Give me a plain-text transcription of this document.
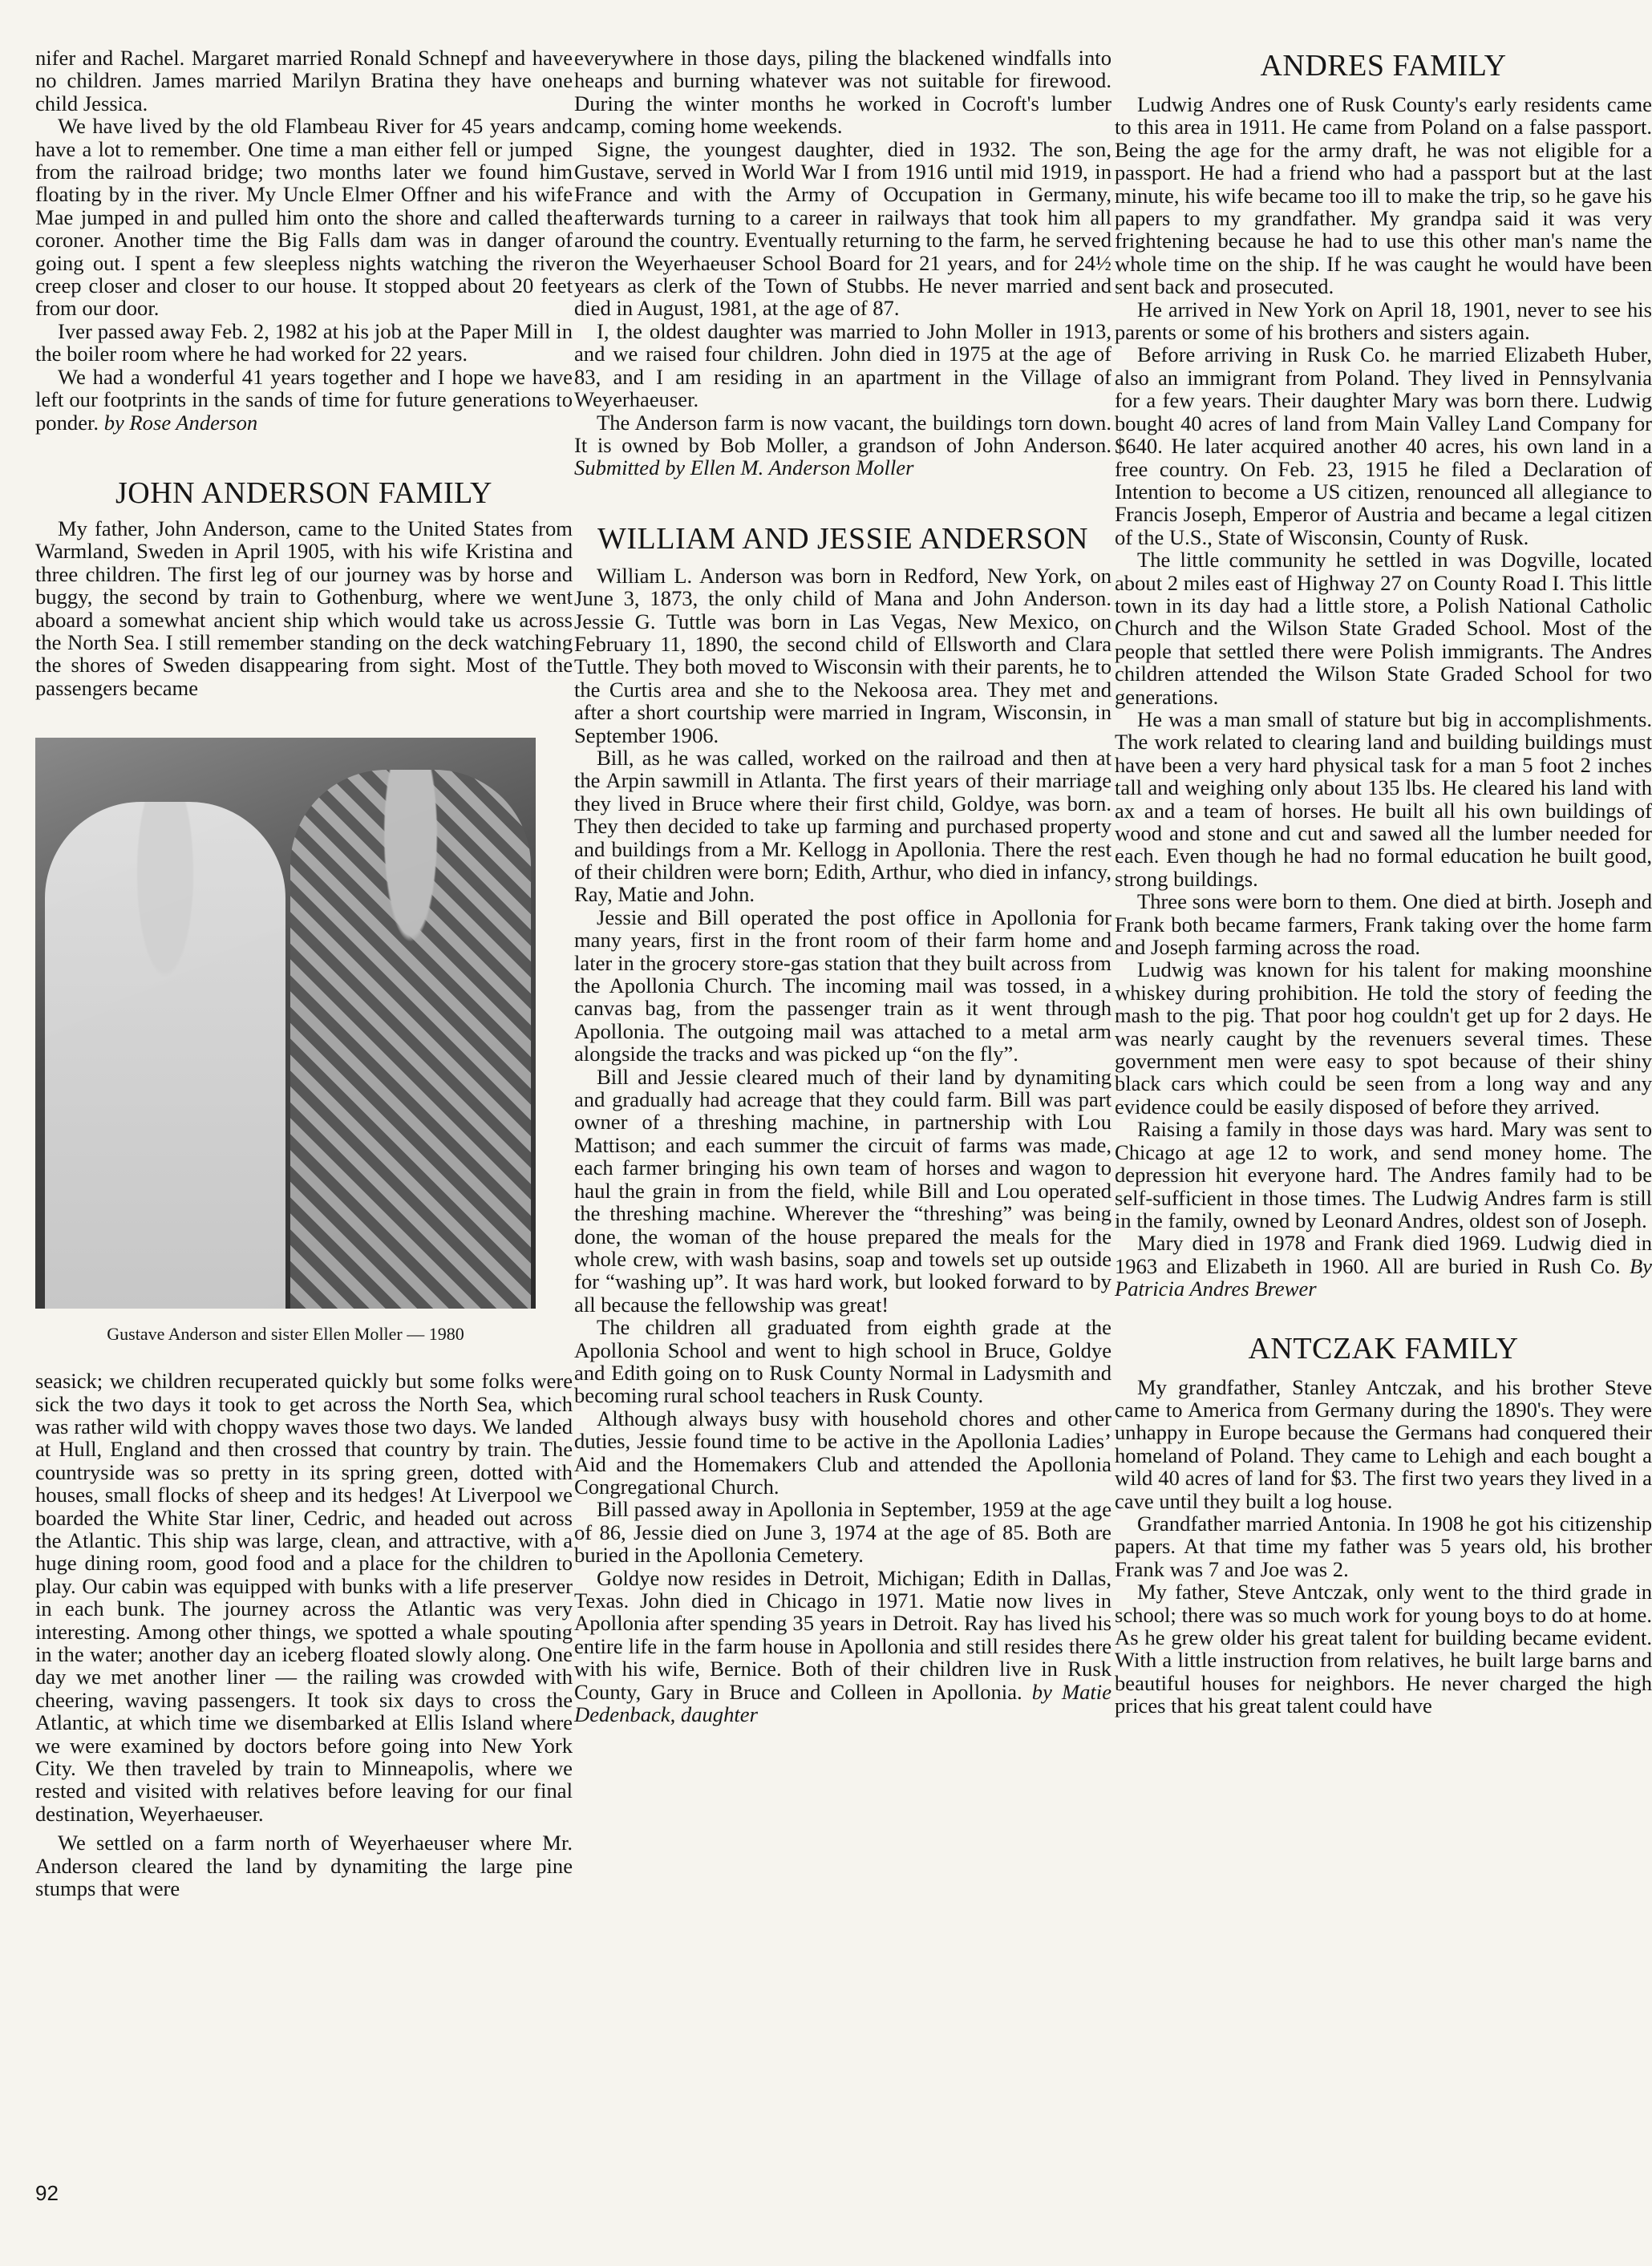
nifer and Rachel. Margaret married Ronald Schnepf and have no children. James married Marilyn Bratina they have one child Jessica.

We have lived by the old Flambeau River for 45 years and have a lot to remember. One time a man either fell or jumped from the railroad bridge; two months later we found him floating by in the river. My Uncle Elmer Offner and his wife Mae jumped in and pulled him onto the shore and called the coroner. Another time the Big Falls dam was in danger of going out. I spent a few sleepless nights watching the river creep closer and closer to our house. It stopped about 20 feet from our door.

Iver passed away Feb. 2, 1982 at his job at the Paper Mill in the boiler room where he had worked for 22 years.

We had a wonderful 41 years together and I hope we have left our footprints in the sands of time for future generations to ponder. by Rose Anderson

JOHN ANDERSON FAMILY

My father, John Anderson, came to the United States from Warmland, Sweden in April 1905, with his wife Kristina and three children. The first leg of our journey was by horse and buggy, the second by train to Gothenburg, where we went aboard a somewhat ancient ship which would take us across the North Sea. I still remember standing on the deck watching the shores of Sweden disappearing from sight. Most of the passengers became

Gustave Anderson and sister Ellen Moller — 1980

seasick; we children recuperated quickly but some folks were sick the two days it took to get across the North Sea, which was rather wild with choppy waves those two days. We landed at Hull, England and then crossed that country by train. The countryside was so pretty in its spring green, dotted with houses, small flocks of sheep and its hedges! At Liverpool we boarded the White Star liner, Cedric, and headed out across the Atlantic. This ship was large, clean, and attractive, with a huge dining room, good food and a place for the children to play. Our cabin was equipped with bunks with a life preserver in each bunk. The journey across the Atlantic was very interesting. Among other things, we spotted a whale spouting in the water; another day an iceberg floated slowly along. One day we met another liner — the railing was crowded with cheering, waving passengers. It took six days to cross the Atlantic, at which time we disembarked at Ellis Island where we were examined by doctors before going into New York City. We then traveled by train to Minneapolis, where we rested and visited with relatives before leaving for our final destination, Weyerhaeuser.

We settled on a farm north of Weyerhaeuser where Mr. Anderson cleared the land by dynamiting the large pine stumps that were

everywhere in those days, piling the blackened windfalls into heaps and burning whatever was not suitable for firewood. During the winter months he worked in Cocroft's lumber camp, coming home weekends.

Signe, the youngest daughter, died in 1932. The son, Gustave, served in World War I from 1916 until mid 1919, in France and with the Army of Occupation in Germany, afterwards turning to a career in railways that took him all around the country. Eventually returning to the farm, he served on the Weyerhaeuser School Board for 21 years, and for 24½ years as clerk of the Town of Stubbs. He never married and died in August, 1981, at the age of 87.

I, the oldest daughter was married to John Moller in 1913, and we raised four children. John died in 1975 at the age of 83, and I am residing in an apartment in the Village of Weyerhaeuser.

The Anderson farm is now vacant, the buildings torn down. It is owned by Bob Moller, a grandson of John Anderson. Submitted by Ellen M. Anderson Moller

WILLIAM AND JESSIE ANDERSON

William L. Anderson was born in Redford, New York, on June 3, 1873, the only child of Mana and John Anderson. Jessie G. Tuttle was born in Las Vegas, New Mexico, on February 11, 1890, the second child of Ellsworth and Clara Tuttle. They both moved to Wisconsin with their parents, he to the Curtis area and she to the Nekoosa area. They met and after a short courtship were married in Ingram, Wisconsin, in September 1906.

Bill, as he was called, worked on the railroad and then at the Arpin sawmill in Atlanta. The first years of their marriage they lived in Bruce where their first child, Goldye, was born. They then decided to take up farming and purchased property and buildings from a Mr. Kellogg in Apollonia. There the rest of their children were born; Edith, Arthur, who died in infancy, Ray, Matie and John.

Jessie and Bill operated the post office in Apollonia for many years, first in the front room of their farm home and later in the grocery store-gas station that they built across from the Apollonia Church. The incoming mail was tossed, in a canvas bag, from the passenger train as it went through Apollonia. The outgoing mail was attached to a metal arm alongside the tracks and was picked up “on the fly”.

Bill and Jessie cleared much of their land by dynamiting and gradually had acreage that they could farm. Bill was part owner of a threshing machine, in partnership with Lou Mattison; and each summer the circuit of farms was made, each farmer bringing his own team of horses and wagon to haul the grain in from the field, while Bill and Lou operated the threshing machine. Wherever the “threshing” was being done, the woman of the house prepared the meals for the whole crew, with wash basins, soap and towels set up outside for “washing up”. It was hard work, but looked forward to by all because the fellowship was great!

The children all graduated from eighth grade at the Apollonia School and went to high school in Bruce, Goldye and Edith going on to Rusk County Normal in Ladysmith and becoming rural school teachers in Rusk County.

Although always busy with household chores and other duties, Jessie found time to be active in the Apollonia Ladies’ Aid and the Homemakers Club and attended the Apollonia Congregational Church.

Bill passed away in Apollonia in September, 1959 at the age of 86, Jessie died on June 3, 1974 at the age of 85. Both are buried in the Apollonia Cemetery.

Goldye now resides in Detroit, Michigan; Edith in Dallas, Texas. John died in Chicago in 1971. Matie now lives in Apollonia after spending 35 years in Detroit. Ray has lived his entire life in the farm house in Apollonia and still resides there with his wife, Bernice. Both of their children live in Rusk County, Gary in Bruce and Colleen in Apollonia. by Matie Dedenback, daughter

ANDRES FAMILY

Ludwig Andres one of Rusk County's early residents came to this area in 1911. He came from Poland on a false passport. Being the age for the army draft, he was not eligible for a passport. He had a friend who had a passport but at the last minute, his wife became too ill to make the trip, so he gave his papers to my grandfather. My grandpa said it was very frightening because he had to use this other man's name the whole time on the ship. If he was caught he would have been sent back and prosecuted.

He arrived in New York on April 18, 1901, never to see his parents or some of his brothers and sisters again.

Before arriving in Rusk Co. he married Elizabeth Huber, also an immigrant from Poland. They lived in Pennsylvania for a few years. Their daughter Mary was born there. Ludwig bought 40 acres of land from Main Valley Land Company for $640. He later acquired another 40 acres, his own land in a free country. On Feb. 23, 1915 he filed a Declaration of Intention to become a US citizen, renounced all allegiance to Francis Joseph, Emperor of Austria and became a legal citizen of the U.S., State of Wisconsin, County of Rusk.

The little community he settled in was Dogville, located about 2 miles east of Highway 27 on County Road I. This little town in its day had a little store, a Polish National Catholic Church and the Wilson State Graded School. Most of the people that settled there were Polish immigrants. The Andres children attended the Wilson State Graded School for two generations.

He was a man small of stature but big in accomplishments. The work related to clearing land and building buildings must have been a very hard physical task for a man 5 foot 2 inches tall and weighing only about 135 lbs. He cleared his land with ax and a team of horses. He built all his own buildings of wood and stone and cut and sawed all the lumber needed for each. Even though he had no formal education he built good, strong buildings.

Three sons were born to them. One died at birth. Joseph and Frank both became farmers, Frank taking over the home farm and Joseph farming across the road.

Ludwig was known for his talent for making moonshine whiskey during prohibition. He told the story of feeding the mash to the pig. That poor hog couldn't get up for 2 days. He was nearly caught by the revenuers several times. These government men were easy to spot because of their shiny black cars which could be seen from a long way and any evidence could be easily disposed of before they arrived.

Raising a family in those days was hard. Mary was sent to Chicago at age 12 to work, and send money home. The depression hit everyone hard. The Andres family had to be self-sufficient in those times. The Ludwig Andres farm is still in the family, owned by Leonard Andres, oldest son of Joseph.

Mary died in 1978 and Frank died 1969. Ludwig died in 1963 and Elizabeth in 1960. All are buried in Rush Co. By Patricia Andres Brewer

ANTCZAK FAMILY

My grandfather, Stanley Antczak, and his brother Steve came to America from Germany during the 1890's. They were unhappy in Europe because the Germans had conquered their homeland of Poland. They came to Lehigh and each bought a wild 40 acres of land for $3. The first two years they lived in a cave until they built a log house.

Grandfather married Antonia. In 1908 he got his citizenship papers. At that time my father was 5 years old, his brother Frank was 7 and Joe was 2.

My father, Steve Antczak, only went to the third grade in school; there was so much work for young boys to do at home. As he grew older his great talent for building became evident. With a little instruction from relatives, he built large barns and beautiful houses for neighbors. He never charged the high prices that his great talent could have

92
